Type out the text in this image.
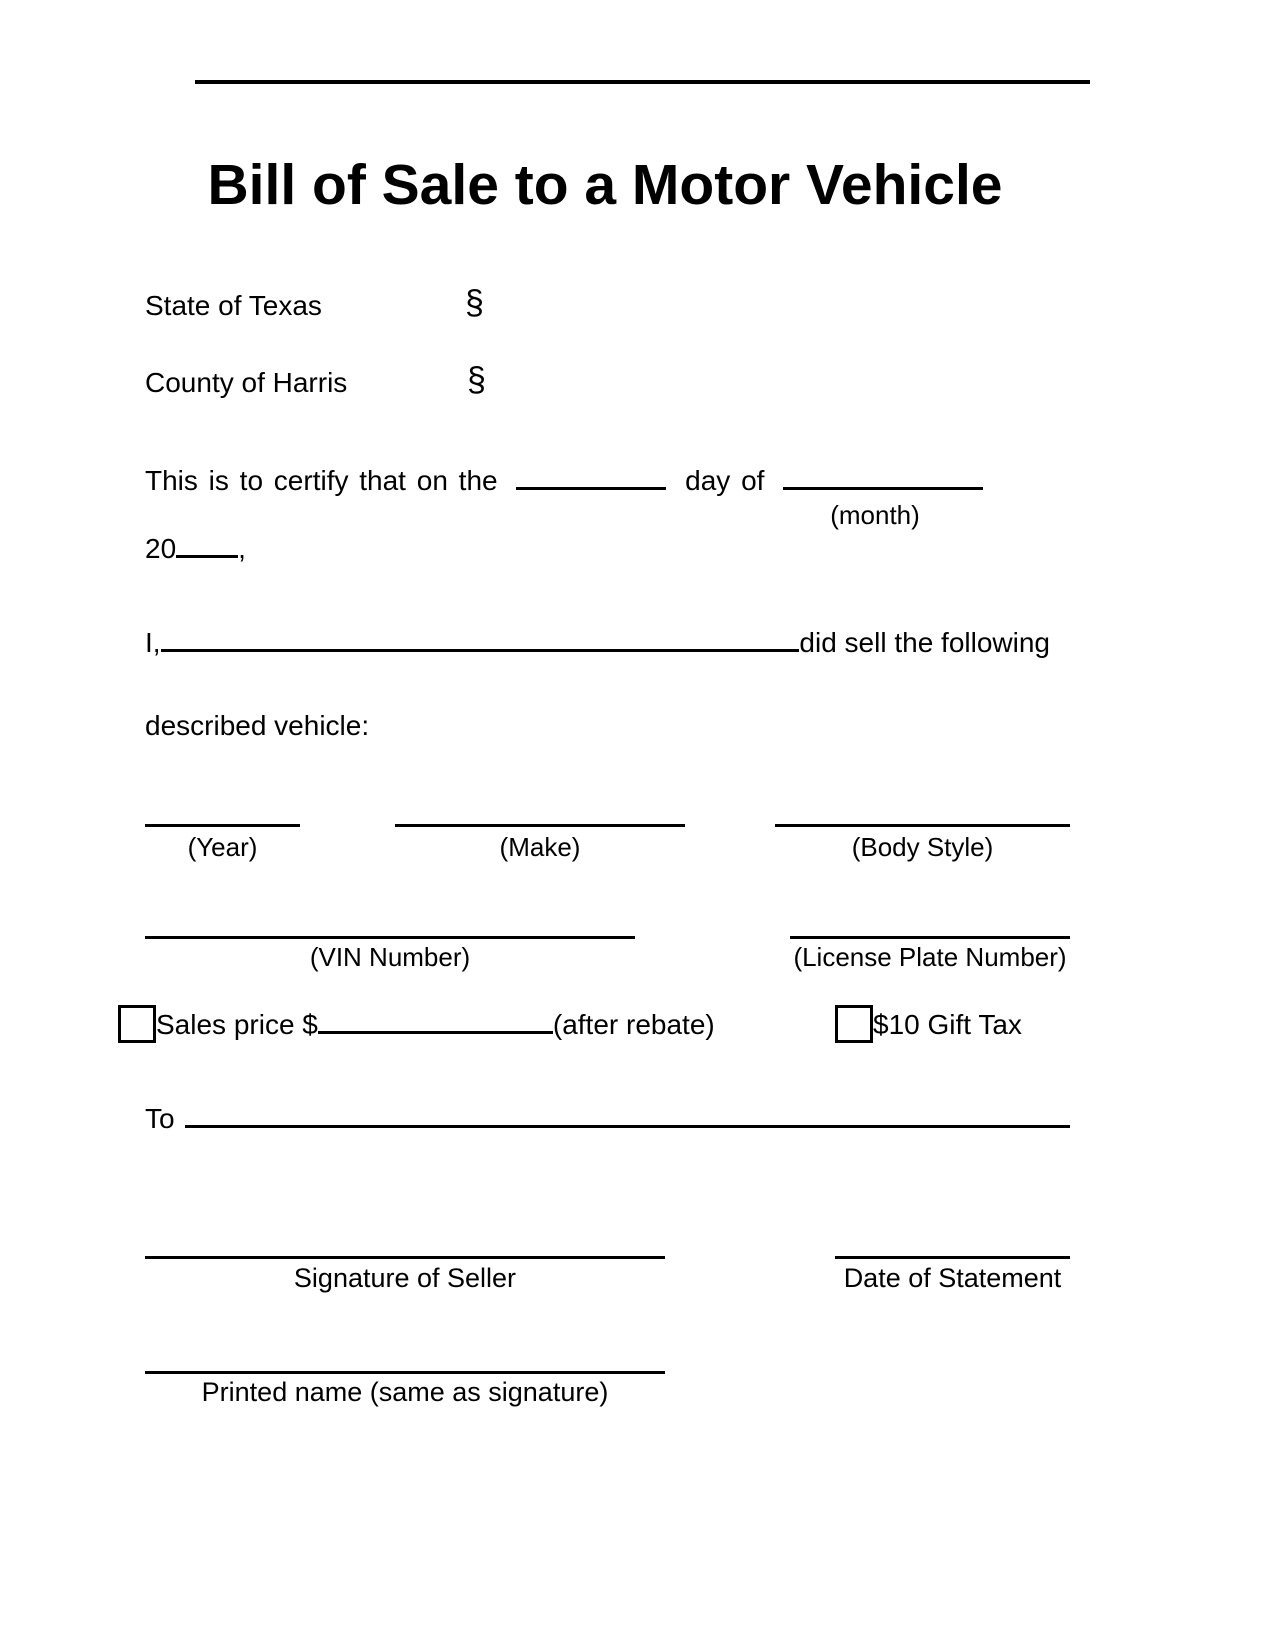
Bill of Sale to a Motor Vehicle
State of Texas	§
County of Harris	§
This is to certify that on the	day of
(month)
20 ,
I,	did sell the following
described vehicle:
(Year)	(Make)	(Body Style)
(VIN Number)	(License Plate Number)
Sales price $	(after rebate)	$10 Gift Tax
To
Signature of Seller	Date of Statement
Printed name (same as signature)
